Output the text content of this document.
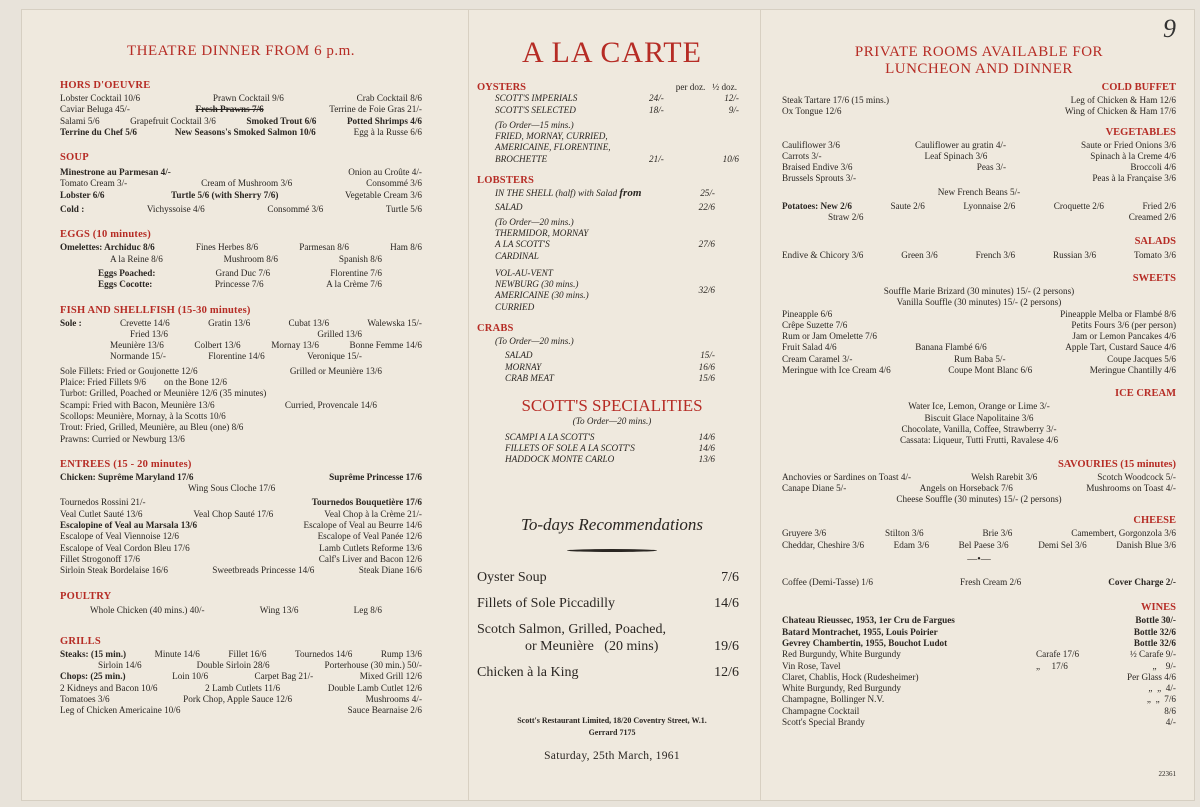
THEATRE DINNER FROM 6 p.m.
HORS D'OEUVRE
Lobster Cocktail 10/6	Prawn Cocktail 9/6	Crab Cocktail 8/6
Caviar Beluga 45/-	Fresh Prawns 7/6	Terrine de Foie Gras 21/-
Salami 5/6	Grapefruit Cocktail 3/6	Smoked Trout 6/6	Potted Shrimps 4/6
Terrine du Chef 5/6	New Seasons's Smoked Salmon 10/6	Egg à la Russe 6/6
SOUP
Minestrone au Parmesan 4/-	Onion au Croûte 4/-
Tomato Cream 3/-	Cream of Mushroom 3/6	Consommé 3/6
Lobster 6/6	Turtle 5/6 (with Sherry 7/6)	Vegetable Cream 3/6
Cold :	Vichyssoise 4/6	Consommé 3/6	Turtle 5/6
EGGS (10 minutes)
Omelettes: Archiduc 8/6	Fines Herbes 8/6	Parmesan 8/6	Ham 8/6
A la Reine 8/6	Mushroom 8/6	Spanish 8/6
Eggs Poached:	Grand Duc 7/6	Florentine 7/6
Eggs Cocotte:	Princesse 7/6	A la Crème 7/6
FISH AND SHELLFISH (15-30 minutes)
Sole :	Crevette 14/6	Gratin 13/6	Cubat 13/6	Walewska 15/-
Fried 13/6	Grilled 13/6
Meunière 13/6	Colbert 13/6	Mornay 13/6	Bonne Femme 14/6
Normande 15/-	Florentine 14/6	Veronique 15/-
Sole Fillets: Fried or Goujonette 12/6	Grilled or Meunière 13/6
Plaice: Fried Fillets 9/6 on the Bone 12/6
Turbot: Grilled, Poached or Meunière 12/6 (35 minutes)
Scampi: Fried with Bacon, Meunière 13/6	Curried, Provencale 14/6
Scollops: Meunière, Mornay, à la Scotts 10/6
Trout: Fried, Grilled, Meunière, au Bleu (one) 8/6
Prawns: Curried or Newburg 13/6
ENTREES (15 - 20 minutes)
Chicken: Suprême Maryland 17/6	Suprême Princesse 17/6
Wing Sous Cloche 17/6
Tournedos Rossini 21/-	Tournedos Bouquetière 17/6
Veal Cutlet Sauté 13/6	Veal Chop Sauté 17/6	Veal Chop à la Crème 21/-
Escalopine of Veal au Marsala 13/6	Escalope of Veal au Beurre 14/6
Escalope of Veal Viennoise 12/6	Escalope of Veal Panée 12/6
Escalope of Veal Cordon Bleu 17/6	Lamb Cutlets Reforme 13/6
Fillet Strogonoff 17/6	Calf's Liver and Bacon 12/6
Sirloin Steak Bordelaise 16/6	Sweetbreads Princesse 14/6	Steak Diane 16/6
POULTRY
Whole Chicken (40 mins.) 40/-	Wing 13/6	Leg 8/6
GRILLS
Steaks: (15 min.)	Minute 14/6	Fillet 16/6	Tournedos 14/6	Rump 13/6
Sirloin 14/6	Double Sirloin 28/6	Porterhouse (30 min.) 50/-
Chops: (25 min.)	Loin 10/6	Carpet Bag 21/-	Mixed Grill 12/6
2 Kidneys and Bacon 10/6	2 Lamb Cutlets 11/6	Double Lamb Cutlet 12/6
Tomatoes 3/6	Pork Chop, Apple Sauce 12/6	Mushrooms 4/-
Leg of Chicken Americaine 10/6	Sauce Bearnaise 2/6
A LA CARTE
OYSTERS	per doz. ½ doz.
SCOTT'S IMPERIALS	24/-	12/-
SCOTT'S SELECTED	18/-	9/-
(To Order—15 mins.)
FRIED, MORNAY, CURRIED,
AMERICAINE, FLORENTINE,
BROCHETTE	21/-	10/6
LOBSTERS
IN THE SHELL (half) with Salad from	25/-
SALAD	22/6
(To Order—20 mins.)
THERMIDOR, MORNAY
A LA SCOTT'S
CARDINAL
27/6
VOL-AU-VENT
NEWBURG (30 mins.)
AMERICAINE (30 mins.)
CURRIED
32/6
CRABS
(To Order—20 mins.)
SALAD	15/-
MORNAY	16/6
CRAB MEAT	15/6
SCOTT'S SPECIALITIES
(To Order—20 mins.)
SCAMPI A LA SCOTT'S	14/6
FILLETS OF SOLE A LA SCOTT'S	14/6
HADDOCK MONTE CARLO	13/6
To-days Recommendations
Oyster Soup	7/6
Fillets of Sole Piccadilly	14/6
Scotch Salmon, Grilled, Poached,
or Meunière   (20 mins)	19/6
Chicken à la King	12/6
Scott's Restaurant Limited, 18/20 Coventry Street, W.1.
Gerrard 7175
Saturday, 25th March, 1961
9
PRIVATE ROOMS AVAILABLE FOR
LUNCHEON AND DINNER
COLD BUFFET
Steak Tartare 17/6 (15 mins.)	Leg of Chicken & Ham 12/6
Ox Tongue 12/6	Wing of Chicken & Ham 17/6
VEGETABLES
Cauliflower 3/6	Cauliflower au gratin 4/-	Saute or Fried Onions 3/6
Carrots 3/-	Leaf Spinach 3/6	Spinach à la Creme 4/6
Braised Endive 3/6	Peas 3/-	Broccoli 4/6
Brussels Sprouts 3/-	Peas à la Française 3/6
New French Beans 5/-
Potatoes: New 2/6	Saute 2/6	Lyonnaise 2/6	Croquette 2/6	Fried 2/6
Straw 2/6	Creamed 2/6
SALADS
Endive & Chicory 3/6	Green 3/6	French 3/6	Russian 3/6	Tomato 3/6
SWEETS
Souffle Marie Brizard (30 minutes) 15/- (2 persons)
Vanilla Souffle (30 minutes) 15/- (2 persons)
Pineapple 6/6	Pineapple Melba or Flambé 8/6
Crêpe Suzette 7/6	Petits Fours 3/6 (per person)
Rum or Jam Omelette 7/6	Jam or Lemon Pancakes 4/6
Fruit Salad 4/6	Banana Flambé 6/6	Apple Tart, Custard Sauce 4/6
Cream Caramel 3/-	Rum Baba 5/-	Coupe Jacques 5/6
Meringue with Ice Cream 4/6	Coupe Mont Blanc 6/6	Meringue Chantilly 4/6
ICE CREAM
Water Ice, Lemon, Orange or Lime 3/-
Biscuit Glace Napolitaine 3/6
Chocolate, Vanilla, Coffee, Strawberry 3/-
Cassata: Liqueur, Tutti Frutti, Ravalese 4/6
SAVOURIES (15 minutes)
Anchovies or Sardines on Toast 4/-	Welsh Rarebit 3/6	Scotch Woodcock 5/-
Canape Diane 5/-	Angels on Horseback 7/6	Mushrooms on Toast 4/-
Cheese Souffle (30 minutes) 15/- (2 persons)
CHEESE
Gruyere 3/6	Stilton 3/6	Brie 3/6	Camembert, Gorgonzola 3/6
Cheddar, Cheshire 3/6	Edam 3/6	Bel Paese 3/6	Demi Sel 3/6	Danish Blue 3/6
—•—
Coffee (Demi-Tasse) 1/6	Fresh Cream 2/6	Cover Charge 2/-
WINES
Chateau Rieussec, 1953, 1er Cru de Fargues	Bottle 30/-
Batard Montrachet, 1955, Louis Poirier	Bottle 32/6
Gevrey Chambertin, 1955, Bouchot Ludot	Bottle 32/6
Red Burgundy, White Burgundy	Carafe 17/6	½ Carafe 9/-
Vin Rose, Tavel	„     17/6	„    9/-
Claret, Chablis, Hock (Rudesheimer)	Per Glass 4/6
White Burgundy, Red Burgundy	„  „  4/-
Champagne, Bollinger N.V.	„  „  7/6
Champagne Cocktail	8/6
Scott's Special Brandy	4/-
22361
